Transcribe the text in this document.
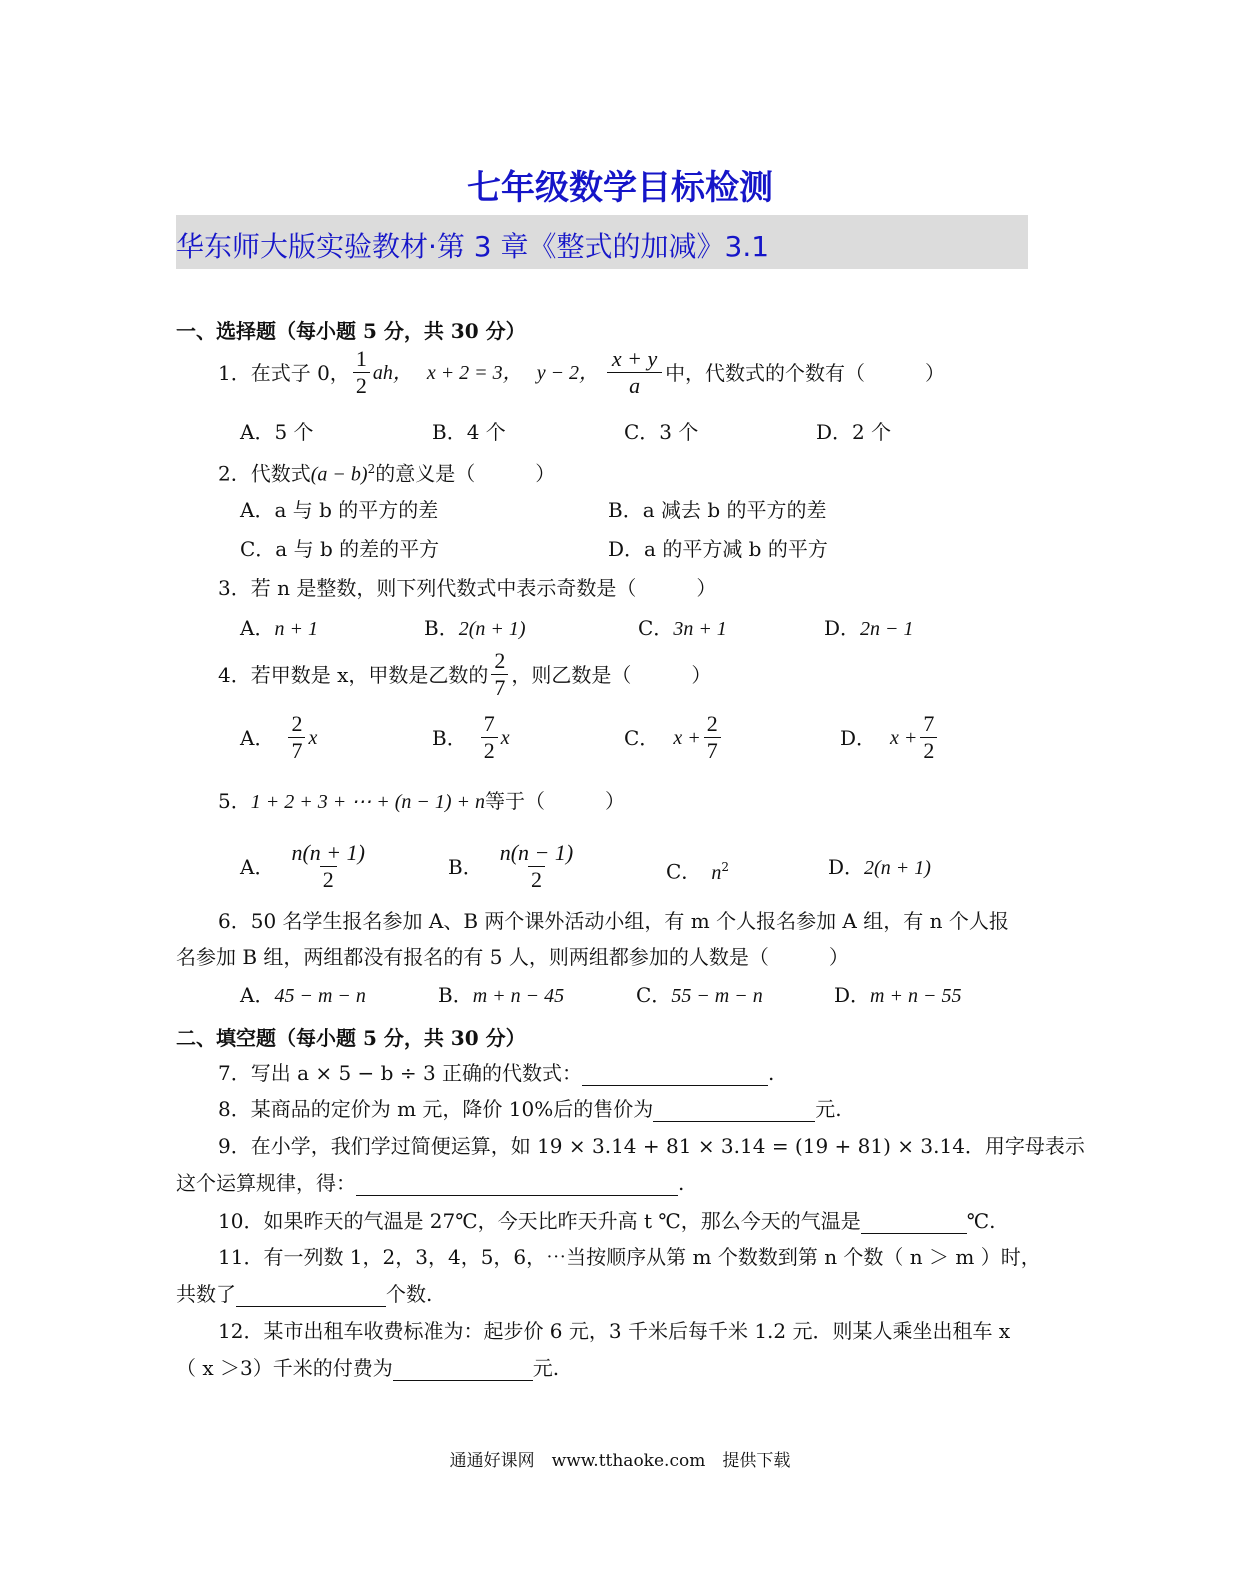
七年级数学目标检测
华东师大版实验教材·第 3 章《整式的加减》3.1
一、选择题（每小题 5 分，共 30 分）
1．在式子 0， $\frac{1}{2}$ ah， x + 2 = 3， y − 2， $\frac{x + y}{a}$ 中，代数式的个数有（　　　）
A．5 个	B．4 个	C．3 个	D．2 个
2．代数式$(a - b)^2$的意义是（　　　）
A．a 与 b 的平方的差	B．a 减去 b 的平方的差
C．a 与 b 的差的平方	D．a 的平方减 b 的平方
3．若 n 是整数，则下列代数式中表示奇数是（　　　）
A．n + 1	B．2(n + 1)	C．3n + 1	D．2n − 1
4．若甲数是 x，甲数是乙数的 $\frac{2}{7}$ ，则乙数是（　　　）
A． $\frac{2}{7}$ x	B． $\frac{7}{2}$ x	C． $x + \frac{2}{7}$	D． $x + \frac{7}{2}$
5．1 + 2 + 3 + ⋯ + (n − 1) + n等于（　　　）
A． $\frac{n(n + 1)}{2}$	B． $\frac{n(n - 1)}{2}$	C． $n^2$	D．2(n + 1)
6．50 名学生报名参加 A、B 两个课外活动小组，有 m 个人报名参加 A 组，有 n 个人报
名参加 B 组，两组都没有报名的有 5 人，则两组都参加的人数是（　　　）
A．45 − m − n	B．m + n − 45	C．55 − m − n	D．m + n − 55
二、填空题（每小题 5 分，共 30 分）
7．写出 a × 5 − b ÷ 3 正确的代数式：	.
8．某商品的定价为 m 元，降价 10%后的售价为	元.
9．在小学，我们学过简便运算，如 19 × 3.14 + 81 × 3.14 = (19 + 81) × 3.14．用字母表示
这个运算规律，得：	.
10．如果昨天的气温是 27℃，今天比昨天升高 t ℃，那么今天的气温是	℃.
11．有一列数 1，2，3，4，5，6，⋯当按顺序从第 m 个数数到第 n 个数（ n ＞ m ）时，
共数了	个数.
12．某市出租车收费标准为：起步价 6 元，3 千米后每千米 1.2 元．则某人乘坐出租车 x
（ x ＞3）千米的付费为	元.
通通好课网　www.tthaoke.com　提供下载
